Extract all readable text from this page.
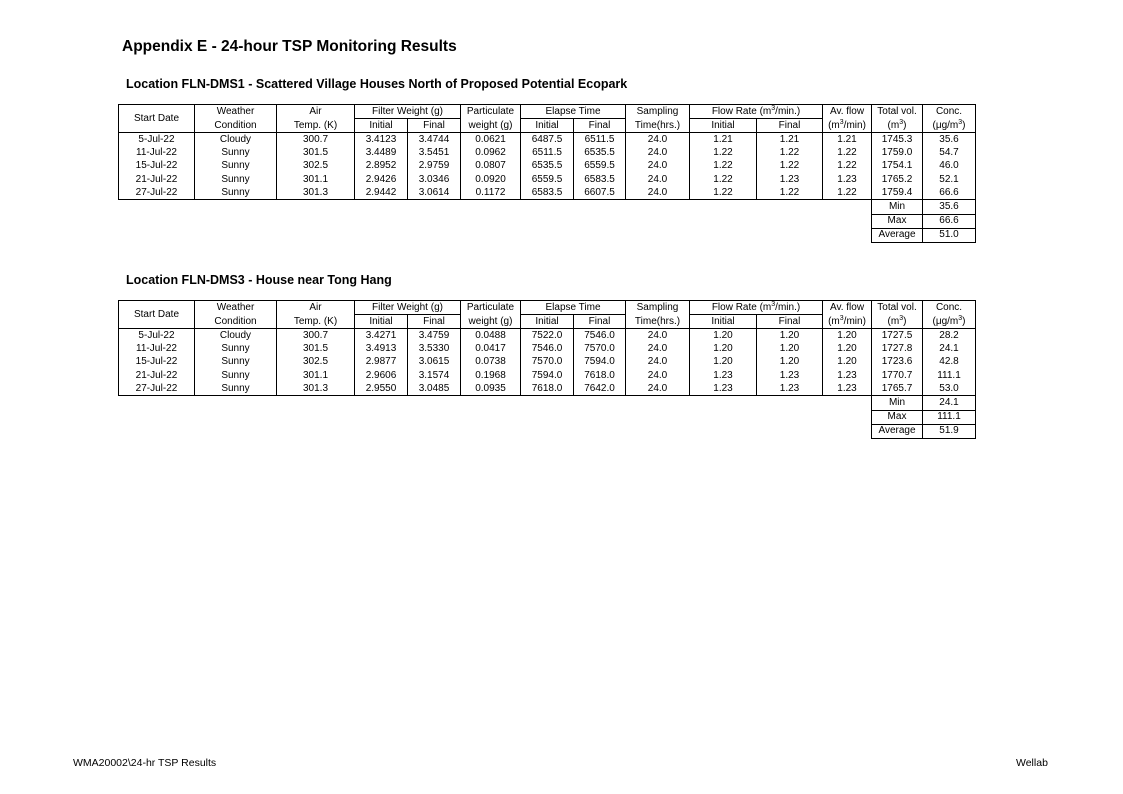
Appendix E - 24-hour TSP Monitoring Results
Location FLN-DMS1 - Scattered Village Houses North of Proposed Potential Ecopark
Start Date	Weather	Air	Filter Weight (g)		Particulate	Elapse Time		Sampling	Flow Rate $(m^3/\min.)$		Av. flow	Total vol.	Conc.
	Condition	Temp. (K)	Initial	Final	weight (g)	Initial	Final	Time(hrs.)	Initial	Final	$(m^3/\min)$	$(m^3)$	$(\mu g/m^3)$
5-Jul-22	Cloudy	300.7	3.4123	3.4744	0.0621	6487.5	6511.5	24.0	1.21	1.21	1.21	1745.3	35.6
11-Jul-22	Sunny	301.5	3.4489	3.5451	0.0962	6511.5	6535.5	24.0	1.22	1.22	1.22	1759.0	54.7
15-Jul-22	Sunny	302.5	2.8952	2.9759	0.0807	6535.5	6559.5	24.0	1.22	1.22	1.22	1754.1	46.0
21-Jul-22	Sunny	301.1	2.9426	3.0346	0.0920	6559.5	6583.5	24.0	1.22	1.23	1.23	1765.2	52.1
27-Jul-22	Sunny	301.3	2.9442	3.0614	0.1172	6583.5	6607.5	24.0	1.22	1.22	1.22	1759.4	66.6
												Min	35.6
												Max	66.6
												Average	51.0
Location FLN-DMS3 - House near Tong Hang
Start Date	Weather	Air	Filter Weight (g)		Particulate	Elapse Time		Sampling	Flow Rate $(m^3/\min.)$		Av. flow	Total vol.	Conc.
	Condition	Temp. (K)	Initial	Final	weight (g)	Initial	Final	Time(hrs.)	Initial	Final	$(m^3/\min)$	$(m^3)$	$(\mu g/m^3)$
5-Jul-22	Cloudy	300.7	3.4271	3.4759	0.0488	7522.0	7546.0	24.0	1.20	1.20	1.20	1727.5	28.2
11-Jul-22	Sunny	301.5	3.4913	3.5330	0.0417	7546.0	7570.0	24.0	1.20	1.20	1.20	1727.8	24.1
15-Jul-22	Sunny	302.5	2.9877	3.0615	0.0738	7570.0	7594.0	24.0	1.20	1.20	1.20	1723.6	42.8
21-Jul-22	Sunny	301.1	2.9606	3.1574	0.1968	7594.0	7618.0	24.0	1.23	1.23	1.23	1770.7	111.1
27-Jul-22	Sunny	301.3	2.9550	3.0485	0.0935	7618.0	7642.0	24.0	1.23	1.23	1.23	1765.7	53.0
												Min	24.1
												Max	111.1
												Average	51.9
WMA20002\24-hr TSP Results	Wellab
